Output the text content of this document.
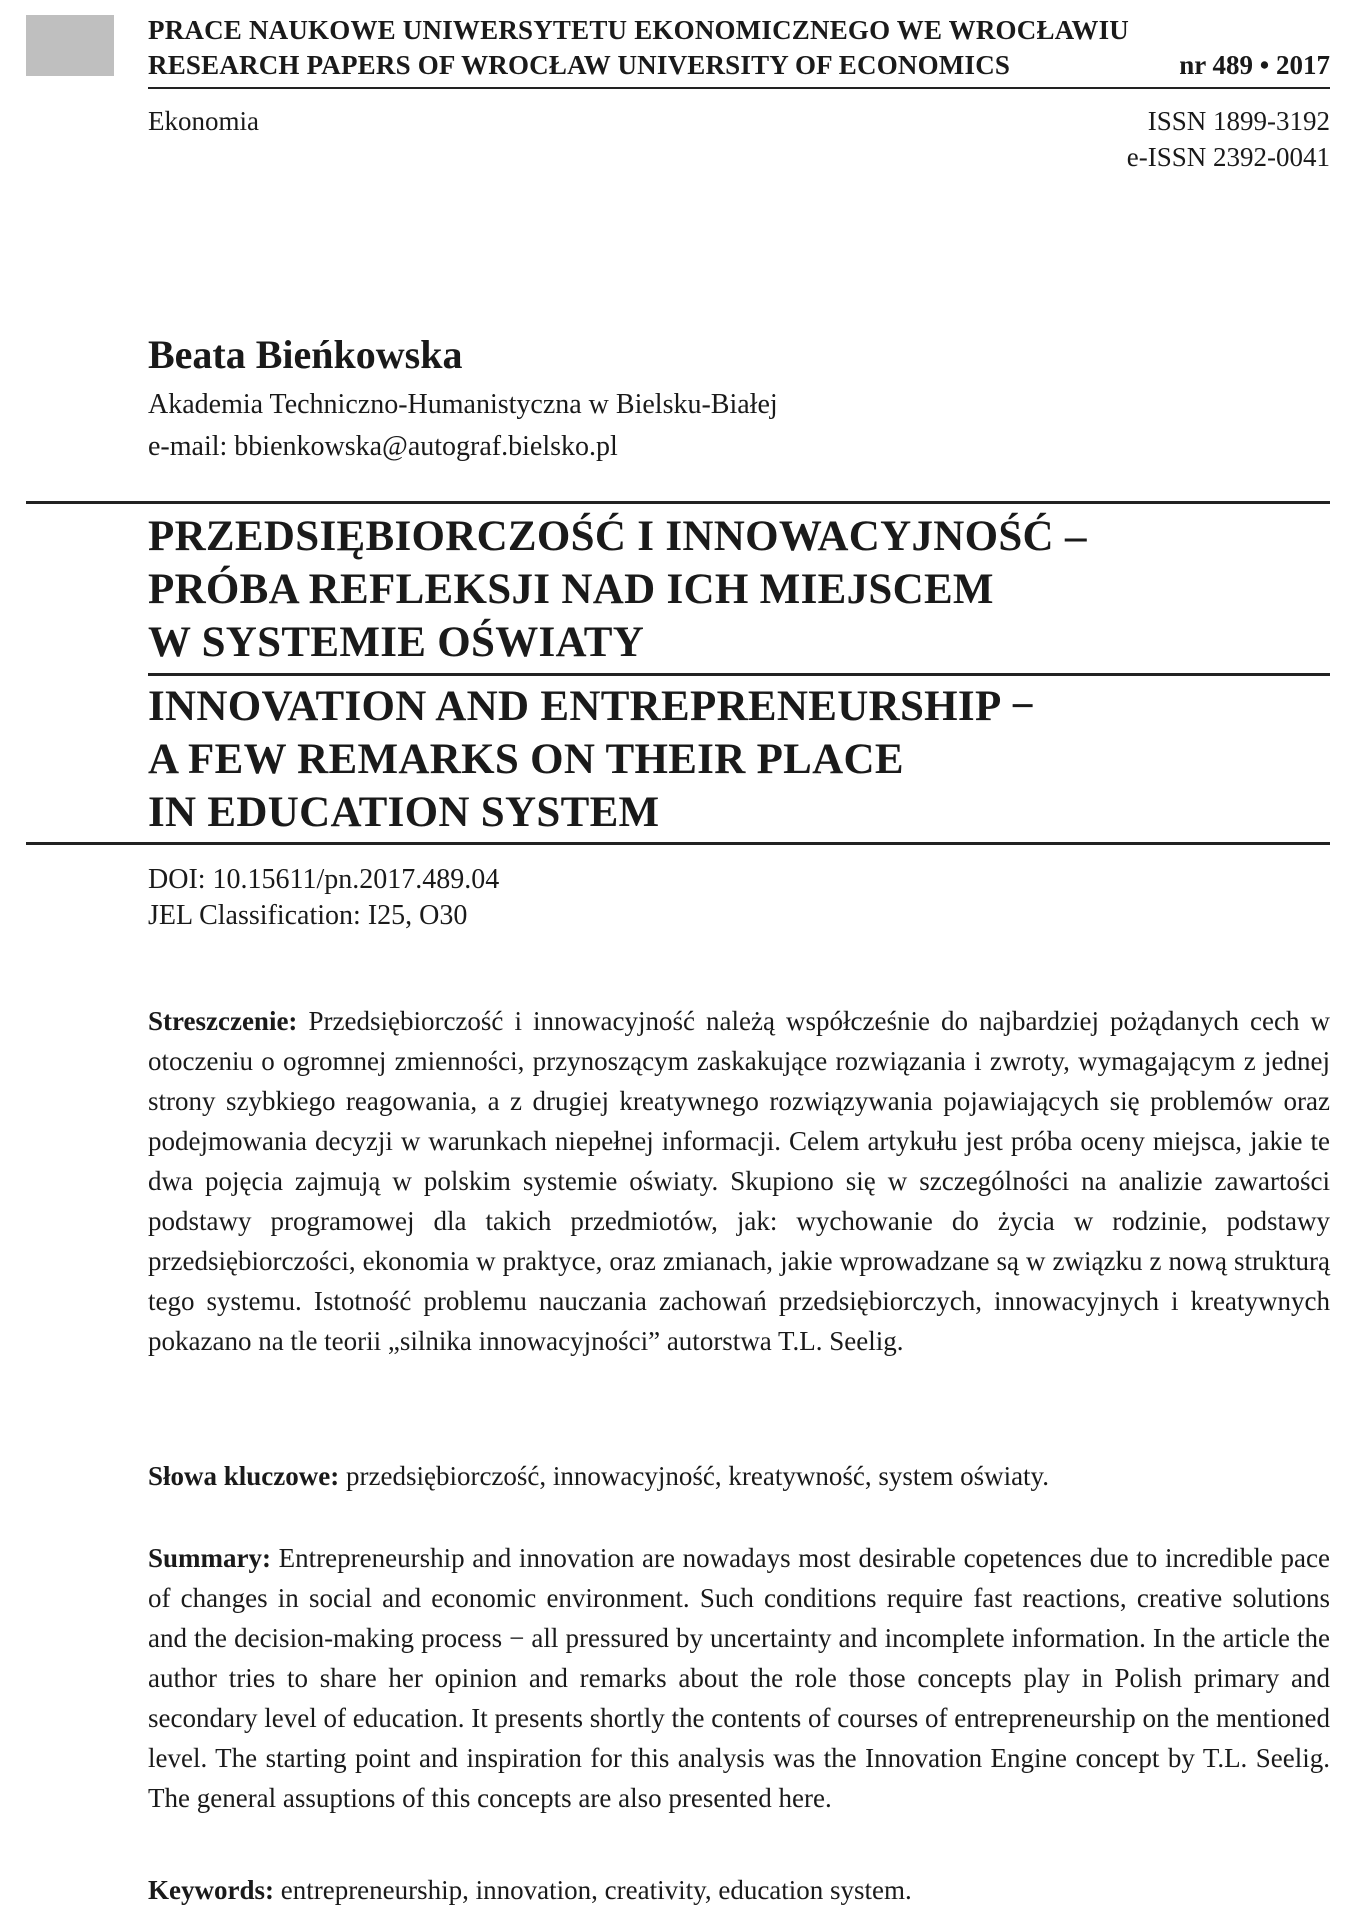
PRACE NAUKOWE UNIWERSYTETU EKONOMICZNEGO WE WROCŁAWIU
RESEARCH PAPERS OF WROCŁAW UNIVERSITY OF ECONOMICS	nr 489 • 2017
Ekonomia	ISSN 1899-3192
e-ISSN 2392-0041
Beata Bieńkowska
Akademia Techniczno-Humanistyczna w Bielsku-Białej
e-mail: bbienkowska@autograf.bielsko.pl
PRZEDSIĘBIORCZOŚĆ I INNOWACYJNOŚĆ –
PRÓBA REFLEKSJI NAD ICH MIEJSCEM
W SYSTEMIE OŚWIATY
INNOVATION AND ENTREPRENEURSHIP −
A FEW REMARKS ON THEIR PLACE
IN EDUCATION SYSTEM
DOI: 10.15611/pn.2017.489.04
JEL Classification: I25, O30
Streszczenie: Przedsiębiorczość i innowacyjność należą współcześnie do najbardziej pożądanych cech w otoczeniu o ogromnej zmienności, przynoszącym zaskakujące rozwiązania i zwroty, wymagającym z jednej strony szybkiego reagowania, a z drugiej kreatywnego rozwiązywania pojawiających się problemów oraz podejmowania decyzji w warunkach niepełnej informacji. Celem artykułu jest próba oceny miejsca, jakie te dwa pojęcia zajmują w polskim systemie oświaty. Skupiono się w szczególności na analizie zawartości podstawy programowej dla takich przedmiotów, jak: wychowanie do życia w rodzinie, podstawy przedsiębiorczości, ekonomia w praktyce, oraz zmianach, jakie wprowadzane są w związku z nową strukturą tego systemu. Istotność problemu nauczania zachowań przedsiębiorczych, innowacyjnych i kreatywnych pokazano na tle teorii „silnika innowacyjności” autorstwa T.L. Seelig.
Słowa kluczowe: przedsiębiorczość, innowacyjność, kreatywność, system oświaty.
Summary: Entrepreneurship and innovation are nowadays most desirable copetences due to incredible pace of changes in social and economic environment. Such conditions require fast reactions, creative solutions and the decision-making process − all pressured by uncertainty and incomplete information. In the article the author tries to share her opinion and remarks about the role those concepts play in Polish primary and secondary level of education. It presents shortly the contents of courses of entrepreneurship on the mentioned level. The starting point and inspiration for this analysis was the Innovation Engine concept by T.L. Seelig. The general assuptions of this concepts are also presented here.
Keywords: entrepreneurship, innovation, creativity, education system.
